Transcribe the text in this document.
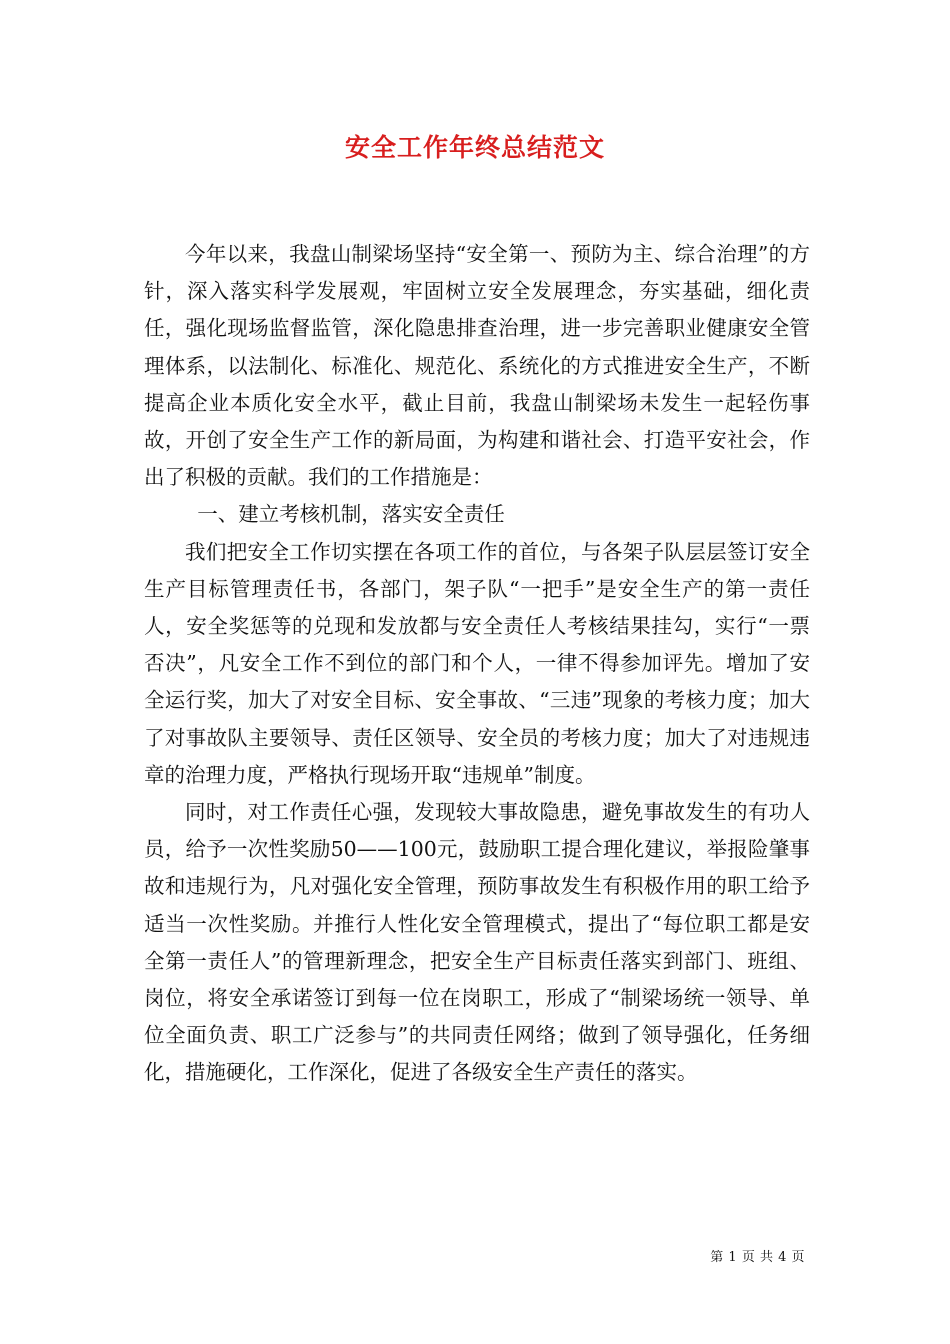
安全工作年终总结范文

今年以来，我盘山制梁场坚持“安全第一、预防为主、综合治理”的方针，深入落实科学发展观，牢固树立安全发展理念，夯实基础，细化责任，强化现场监督监管，深化隐患排查治理，进一步完善职业健康安全管理体系，以法制化、标准化、规范化、系统化的方式推进安全生产，不断提高企业本质化安全水平，截止目前，我盘山制梁场未发生一起轻伤事故，开创了安全生产工作的新局面，为构建和谐社会、打造平安社会，作出了积极的贡献。我们的工作措施是：

一、建立考核机制，落实安全责任

我们把安全工作切实摆在各项工作的首位，与各架子队层层签订安全生产目标管理责任书，各部门，架子队“一把手”是安全生产的第一责任人，安全奖惩等的兑现和发放都与安全责任人考核结果挂勾，实行“一票否决”，凡安全工作不到位的部门和个人，一律不得参加评先。增加了安全运行奖，加大了对安全目标、安全事故、“三违”现象的考核力度；加大了对事故队主要领导、责任区领导、安全员的考核力度；加大了对违规违章的治理力度，严格执行现场开取“违规单”制度。

同时，对工作责任心强，发现较大事故隐患，避免事故发生的有功人员，给予一次性奖励50——100元，鼓励职工提合理化建议，举报险肇事故和违规行为，凡对强化安全管理，预防事故发生有积极作用的职工给予适当一次性奖励。并推行人性化安全管理模式，提出了“每位职工都是安全第一责任人”的管理新理念，把安全生产目标责任落实到部门、班组、岗位，将安全承诺签订到每一位在岗职工，形成了“制梁场统一领导、单位全面负责、职工广泛参与”的共同责任网络；做到了领导强化，任务细化，措施硬化，工作深化，促进了各级安全生产责任的落实。

第 1 页 共 4 页
